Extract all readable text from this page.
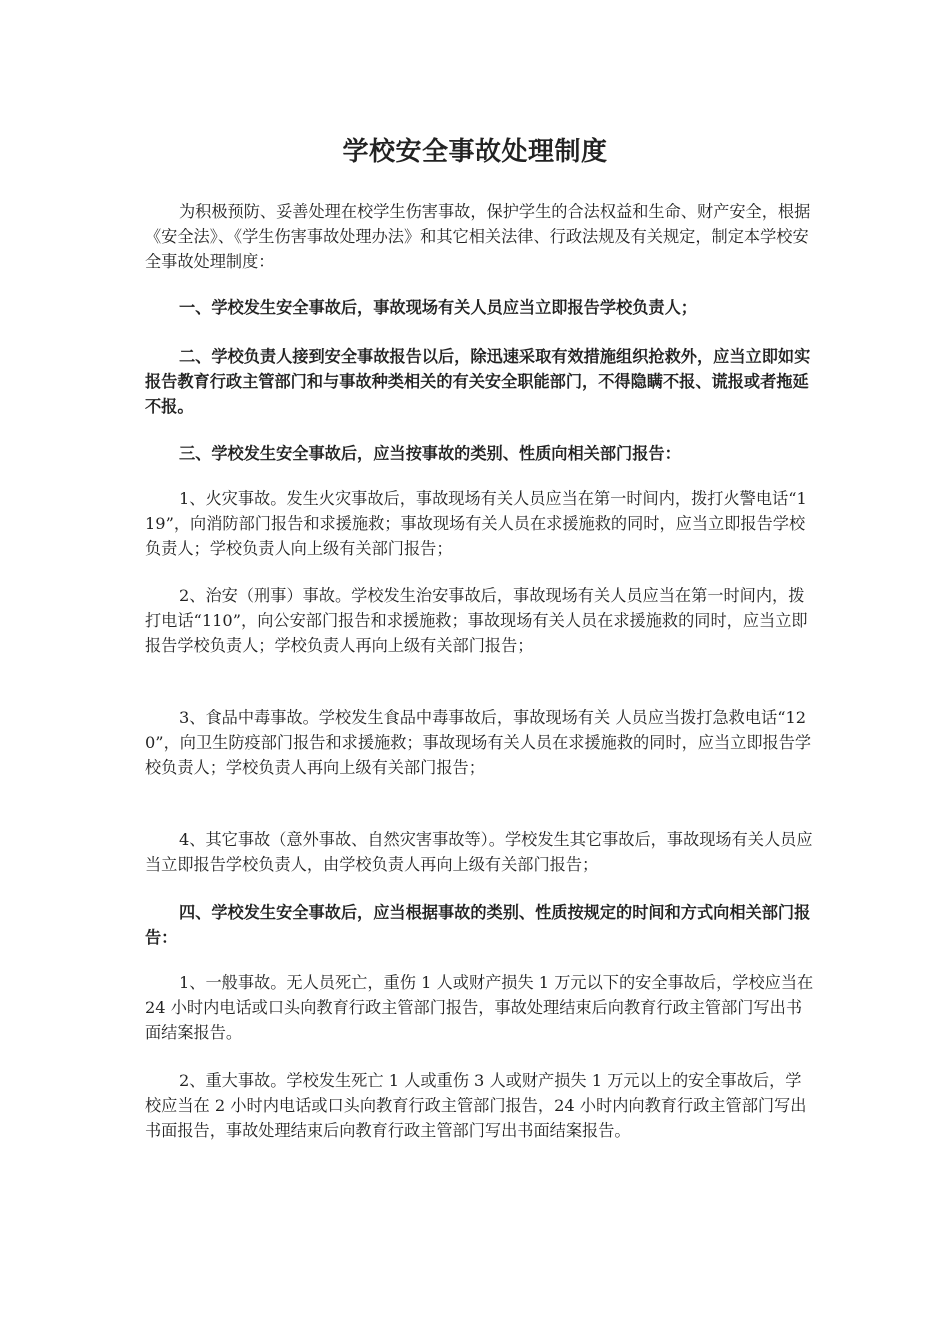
学校安全事故处理制度

为积极预防、妥善处理在校学生伤害事故，保护学生的合法权益和生命、财产安全，根据《安全法》、《学生伤害事故处理办法》和其它相关法律、行政法规及有关规定，制定本学校安全事故处理制度：

一、学校发生安全事故后，事故现场有关人员应当立即报告学校负责人；

二、学校负责人接到安全事故报告以后，除迅速采取有效措施组织抢救外，应当立即如实报告教育行政主管部门和与事故种类相关的有关安全职能部门，不得隐瞒不报、谎报或者拖延不报。

三、学校发生安全事故后，应当按事故的类别、性质向相关部门报告：

1、火灾事故。发生火灾事故后，事故现场有关人员应当在第一时间内，拨打火警电话“119”，向消防部门报告和求援施救；事故现场有关人员在求援施救的同时，应当立即报告学校负责人；学校负责人向上级有关部门报告；

2、治安（刑事）事故。学校发生治安事故后，事故现场有关人员应当在第一时间内，拨打电话“110”，向公安部门报告和求援施救；事故现场有关人员在求援施救的同时，应当立即报告学校负责人；学校负责人再向上级有关部门报告；

3、食品中毒事故。学校发生食品中毒事故后，事故现场有关 人员应当拨打急救电话“120”，向卫生防疫部门报告和求援施救；事故现场有关人员在求援施救的同时，应当立即报告学校负责人；学校负责人再向上级有关部门报告；

4、其它事故（意外事故、自然灾害事故等）。学校发生其它事故后，事故现场有关人员应当立即报告学校负责人，由学校负责人再向上级有关部门报告；

四、学校发生安全事故后，应当根据事故的类别、性质按规定的时间和方式向相关部门报告：

1、一般事故。无人员死亡，重伤 1 人或财产损失 1 万元以下的安全事故后，学校应当在 24 小时内电话或口头向教育行政主管部门报告，事故处理结束后向教育行政主管部门写出书面结案报告。

2、重大事故。学校发生死亡 1 人或重伤 3 人或财产损失 1 万元以上的安全事故后，学校应当在 2 小时内电话或口头向教育行政主管部门报告，24 小时内向教育行政主管部门写出书面报告，事故处理结束后向教育行政主管部门写出书面结案报告。
